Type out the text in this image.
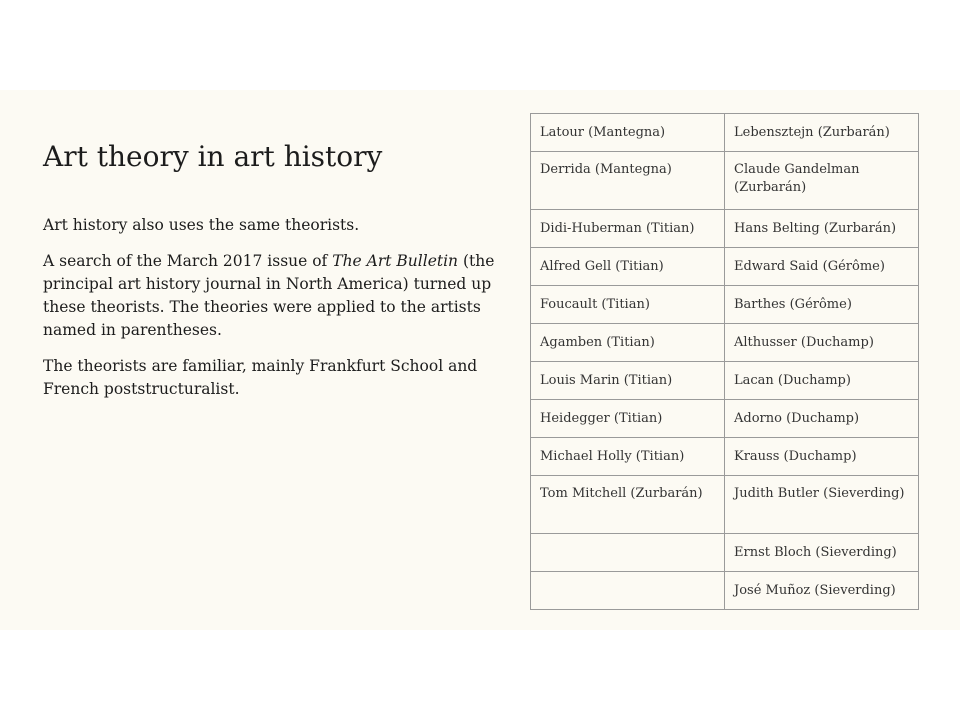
Art theory in art history

Art history also uses the same theorists.

A search of the March 2017 issue of The Art Bulletin (the principal art history journal in North America) turned up these theorists. The theories were applied to the artists named in parentheses.

The theorists are familiar, mainly Frankfurt School and French poststructuralist.

Latour (Mantegna)	Lebensztejn (Zurbarán)
Derrida (Mantegna)	Claude Gandelman (Zurbarán)
Didi-Huberman (Titian)	Hans Belting (Zurbarán)
Alfred Gell (Titian)	Edward Said (Gérôme)
Foucault (Titian)	Barthes (Gérôme)
Agamben (Titian)	Althusser (Duchamp)
Louis Marin (Titian)	Lacan (Duchamp)
Heidegger (Titian)	Adorno (Duchamp)
Michael Holly (Titian)	Krauss (Duchamp)
Tom Mitchell (Zurbarán)	Judith Butler (Sieverding)
	Ernst Bloch (Sieverding)
	José Muñoz (Sieverding)
